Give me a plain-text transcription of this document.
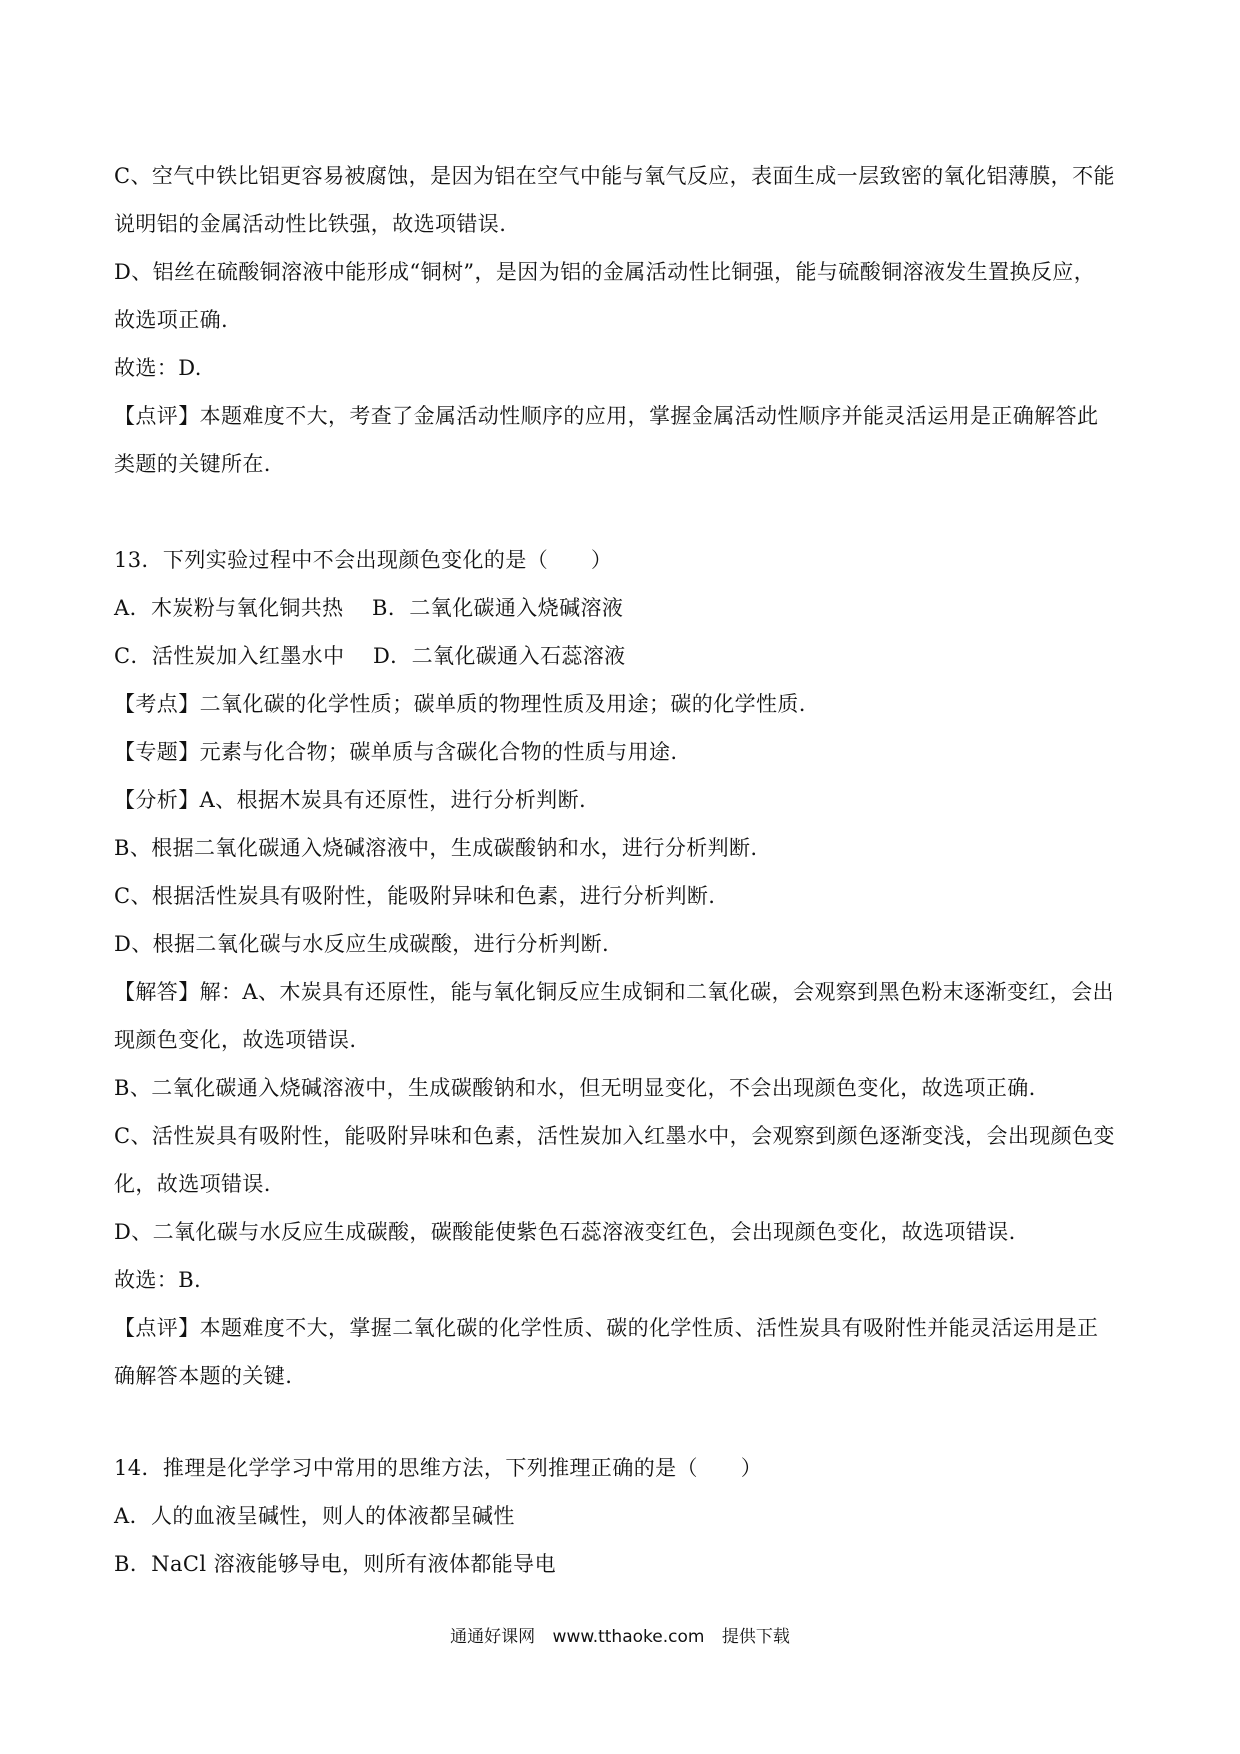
C、空气中铁比铝更容易被腐蚀，是因为铝在空气中能与氧气反应，表面生成一层致密的氧化铝薄膜，不能
说明铝的金属活动性比铁强，故选项错误.
D、铝丝在硫酸铜溶液中能形成“铜树”，是因为铝的金属活动性比铜强，能与硫酸铜溶液发生置换反应，
故选项正确.
故选：D.
【点评】本题难度不大，考查了金属活动性顺序的应用，掌握金属活动性顺序并能灵活运用是正确解答此
类题的关键所在.
13．下列实验过程中不会出现颜色变化的是（　　）
A．木炭粉与氧化铜共热　 B．二氧化碳通入烧碱溶液
C．活性炭加入红墨水中　 D．二氧化碳通入石蕊溶液
【考点】二氧化碳的化学性质；碳单质的物理性质及用途；碳的化学性质.
【专题】元素与化合物；碳单质与含碳化合物的性质与用途.
【分析】A、根据木炭具有还原性，进行分析判断.
B、根据二氧化碳通入烧碱溶液中，生成碳酸钠和水，进行分析判断.
C、根据活性炭具有吸附性，能吸附异味和色素，进行分析判断.
D、根据二氧化碳与水反应生成碳酸，进行分析判断.
【解答】解：A、木炭具有还原性，能与氧化铜反应生成铜和二氧化碳，会观察到黑色粉末逐渐变红，会出
现颜色变化，故选项错误.
B、二氧化碳通入烧碱溶液中，生成碳酸钠和水，但无明显变化，不会出现颜色变化，故选项正确.
C、活性炭具有吸附性，能吸附异味和色素，活性炭加入红墨水中，会观察到颜色逐渐变浅，会出现颜色变
化，故选项错误.
D、二氧化碳与水反应生成碳酸，碳酸能使紫色石蕊溶液变红色，会出现颜色变化，故选项错误.
故选：B.
【点评】本题难度不大，掌握二氧化碳的化学性质、碳的化学性质、活性炭具有吸附性并能灵活运用是正
确解答本题的关键.
14．推理是化学学习中常用的思维方法，下列推理正确的是（　　）
A．人的血液呈碱性，则人的体液都呈碱性
B．NaCl 溶液能够导电，则所有液体都能导电
通通好课网 www.tthaoke.com 提供下载
